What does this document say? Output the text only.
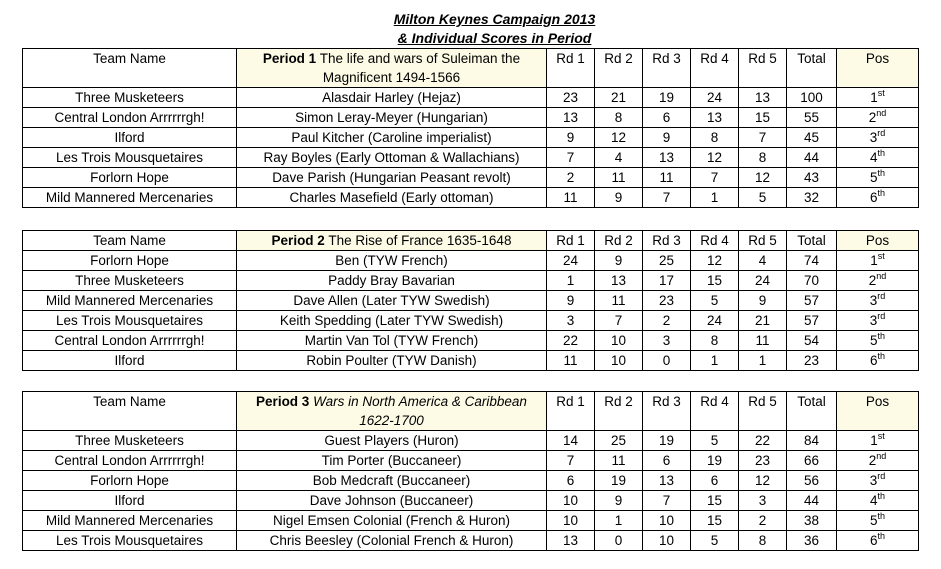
Milton Keynes Campaign 2013
& Individual Scores in Period
Team Name	Period 1 The life and wars of Suleiman the Magnificent 1494-1566	Rd 1	Rd 2	Rd 3	Rd 4	Rd 5	Total	Pos
Three Musketeers	Alasdair Harley (Hejaz)	23	21	19	24	13	100	1st
Central London Arrrrrrgh!	Simon Leray-Meyer (Hungarian)	13	8	6	13	15	55	2nd
Ilford	Paul Kitcher (Caroline imperialist)	9	12	9	8	7	45	3rd
Les Trois Mousquetaires	Ray Boyles (Early Ottoman & Wallachians)	7	4	13	12	8	44	4th
Forlorn Hope	Dave Parish (Hungarian Peasant revolt)	2	11	11	7	12	43	5th
Mild Mannered Mercenaries	Charles Masefield (Early ottoman)	11	9	7	1	5	32	6th
Team Name	Period 2 The Rise of France 1635-1648	Rd 1	Rd 2	Rd 3	Rd 4	Rd 5	Total	Pos
Forlorn Hope	Ben (TYW French)	24	9	25	12	4	74	1st
Three Musketeers	Paddy Bray Bavarian	1	13	17	15	24	70	2nd
Mild Mannered Mercenaries	Dave Allen (Later TYW Swedish)	9	11	23	5	9	57	3rd
Les Trois Mousquetaires	Keith Spedding (Later TYW Swedish)	3	7	2	24	21	57	3rd
Central London Arrrrrrgh!	Martin Van Tol (TYW French)	22	10	3	8	11	54	5th
Ilford	Robin Poulter (TYW Danish)	11	10	0	1	1	23	6th
Team Name	Period 3 Wars in North America & Caribbean 1622-1700	Rd 1	Rd 2	Rd 3	Rd 4	Rd 5	Total	Pos
Three Musketeers	Guest Players (Huron)	14	25	19	5	22	84	1st
Central London Arrrrrrgh!	Tim Porter (Buccaneer)	7	11	6	19	23	66	2nd
Forlorn Hope	Bob Medcraft (Buccaneer)	6	19	13	6	12	56	3rd
Ilford	Dave Johnson (Buccaneer)	10	9	7	15	3	44	4th
Mild Mannered Mercenaries	Nigel Emsen Colonial (French & Huron)	10	1	10	15	2	38	5th
Les Trois Mousquetaires	Chris Beesley (Colonial French & Huron)	13	0	10	5	8	36	6th
